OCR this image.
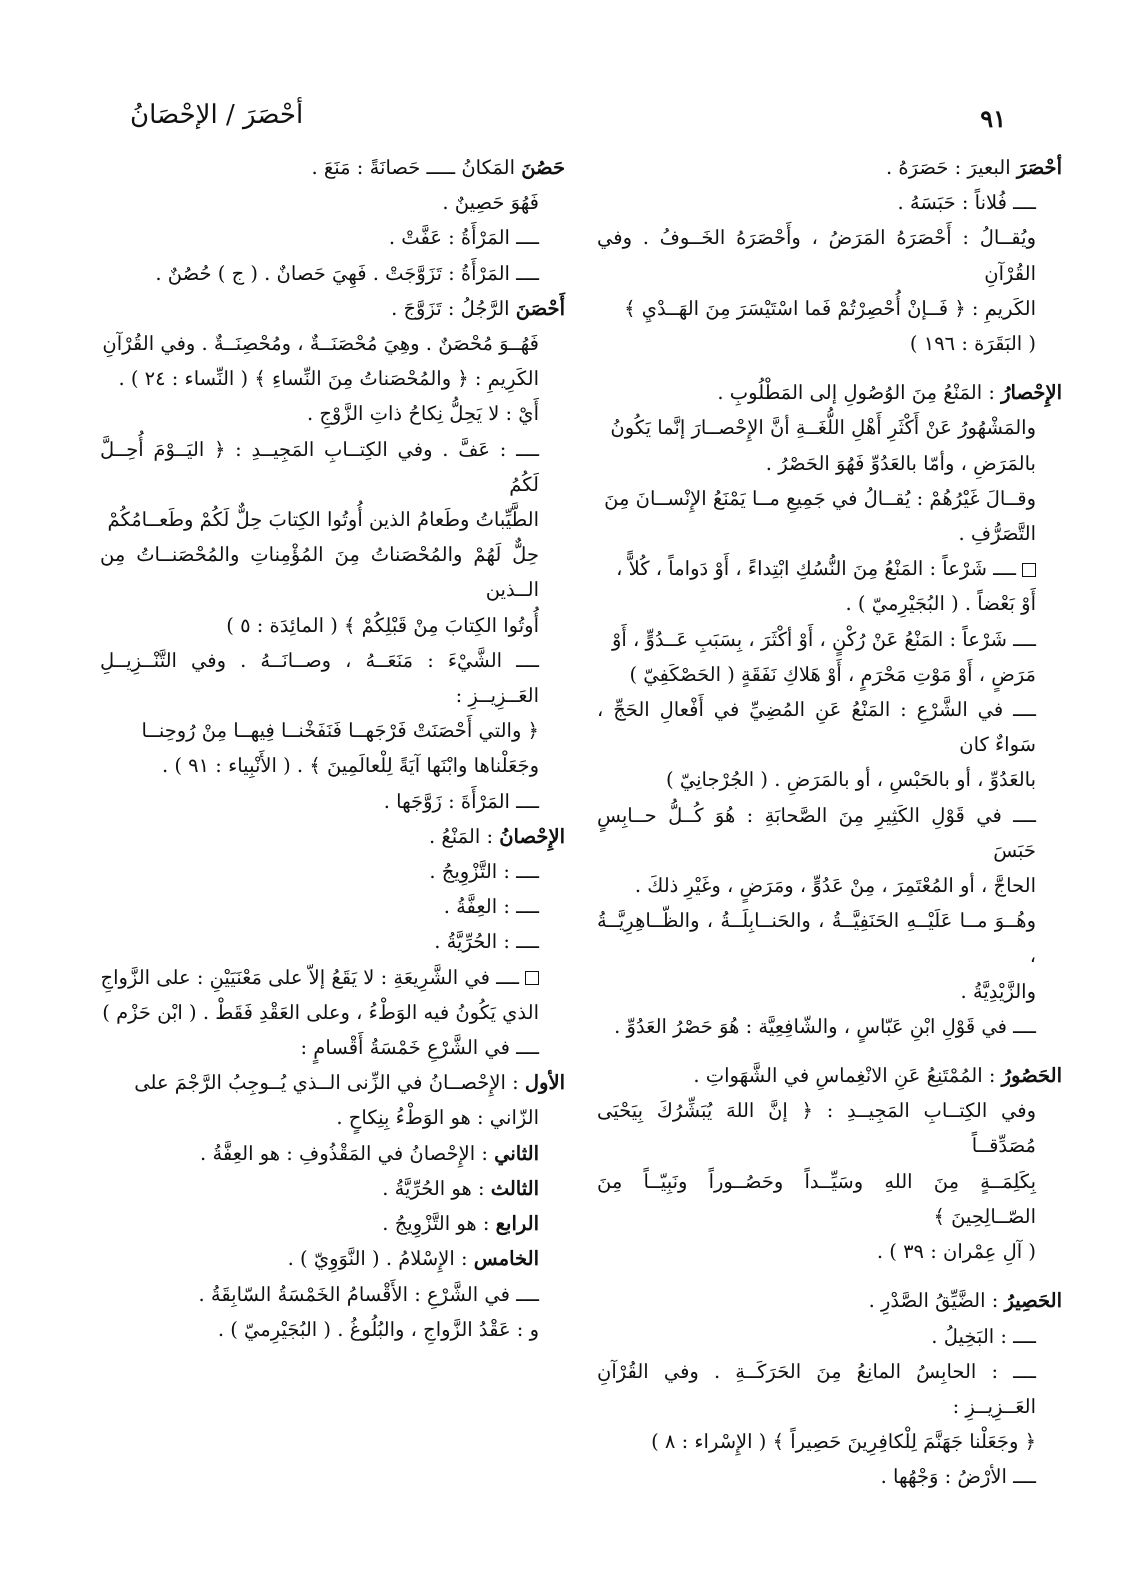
٩١
أحْصَرَ / الإحْصَانُ

أحْصَرَ البعيرَ : حَصَرَهُ .

ــــ فُلاناً : حَبَسَهُ .

ويُقــالُ : أَحْصَرَهُ المَرَضُ ، وأَحْصَرَهُ الخَــوفُ . وفي القُرْآنِ

الكَريمِ : ﴿ فَــإنْ أُحْصِرْتُمْ فَما اسْتَيْسَرَ مِنَ الهَــدْيِ ﴾

( البَقَرَة : ١٩٦ )

الإِحْصارُ : المَنْعُ مِنَ الوُصُولِ إلى المَطْلُوبِ .

والمَشْهُورُ عَنْ أَكْثَرِ أَهْلِ اللُّغَــةِ أنَّ الإِحْصــارَ إنَّما يَكُونُ

بالمَرَضِ ، وأمّا بالعَدُوِّ فَهُوَ الحَصْرُ .

وقــالَ غَيْرُهُمْ : يُقــالُ في جَمِيعِ مــا يَمْنَعُ الإِنْســانَ مِنَ

التَّصَرُّفِ .

ــــ شَرْعاً : المَنْعُ مِنَ النُّسُكِ ابْتِداءً ، أَوْ دَواماً ، كُلاًّ ،

أَوْ بَعْضاً . ( البُجَيْرِميّ ) .

ــــ شَرْعاً : المَنْعُ عَنْ رُكْنٍ ، أَوْ أكْثَرَ ، بِسَبَبِ عَــدُوٍّ ، أَوْ

مَرَضٍ ، أَوْ مَوْتِ مَحْرَمٍ ، أَوْ هَلاكِ نَفَقَةٍ ( الحَصْكَفِيّ )

ــــ في الشَّرْعِ : المَنْعُ عَنِ المُضِيِّ في أَفْعالِ الحَجِّ ، سَواءٌ كان

بالعَدُوِّ ، أو بالحَبْسِ ، أو بالمَرَضِ . ( الجُرْجانِيّ )

ــــ في قَوْلِ الكَثِيرِ مِنَ الصَّحابَةِ : هُوَ كُــلُّ حــابِسٍ حَبَسَ

الحاجَّ ، أو المُعْتَمِرَ ، مِنْ عَدُوٍّ ، ومَرَضٍ ، وغَيْرِ ذلكَ .

وهُــوَ مــا عَلَيْــهِ الحَنَفِيَّــةُ ، والحَنــابِلَــةُ ، والظّــاهِرِيَّــةُ ،

والزَّيْدِيَّةُ .

ــــ في قَوْلِ ابْنِ عَبّاسٍ ، والشّافِعِيَّة : هُوَ حَصْرُ العَدُوِّ .

الحَصُورُ : المُمْتَنِعُ عَنِ الانْغِماسِ في الشَّهَواتِ .

وفي الكِتــابِ المَجِيــدِ : ﴿ إنَّ اللهَ يُبَشِّرُكَ بِيَحْيَى مُصَدِّقــاً

بِكَلِمَــةٍ مِنَ اللهِ وسَيِّــداً وحَصُــوراً ونَبِيّــاً مِنَ الصّــالِحِينَ ﴾

( آلِ عِمْران : ٣٩ ) .

الحَصِيرُ : الضَّيِّقُ الصَّدْرِ .

ــــ : البَخِيلُ .

ــــ : الحابِسُ المانِعُ مِنَ الحَرَكَــةِ . وفي القُرْآنِ العَــزِيــزِ :

﴿ وجَعَلْنا جَهَنَّمَ لِلْكافِرِينَ حَصِيراً ﴾ ( الإِسْراء : ٨ )

ــــ الأرْضُ : وَجْهُها .

حَصُنَ المَكانُ ـــــ حَصانَةً : مَنَعَ .

فَهُوَ حَصِينٌ .

ــــ المَرْأَةُ : عَفَّتْ .

ــــ المَرْأَةُ : تَزَوَّجَتْ . فَهِيَ حَصانٌ . ( ج ) حُصُنٌ .

أَحْصَنَ الرَّجُلُ : تَزَوَّجَ .

فَهُــوَ مُحْصَنٌ . وهِيَ مُحْصَنَــةٌ ، ومُحْصِنَــةٌ . وفي القُرْآنِ

الكَرِيمِ : ﴿ والمُحْصَناتُ مِنَ النِّساءِ ﴾ ( النِّساء : ٢٤ ) .

أَيْ : لا يَحِلُّ نِكاحُ ذاتِ الزَّوْجِ .

ــــ : عَفَّ . وفي الكِتــابِ المَجِيــدِ : ﴿ اليَــوْمَ أُحِــلَّ لَكُمُ

الطَّيِّباتُ وطَعامُ الذين أُوتُوا الكِتابَ حِلٌّ لَكُمْ وطَعــامُكُمْ

حِلٌّ لَهُمْ والمُحْصَناتُ مِنَ المُؤْمِناتِ والمُحْصَنــاتُ مِن الــذين

أُوتُوا الكِتابَ مِنْ قَبْلِكُمْ ﴾ ( المائِدَة : ٥ )

ــــ الشَّيْءَ : مَنَعَــهُ ، وصــانَــهُ . وفي التَّنْــزِيــلِ العَــزِيــزِ :

﴿ والتي أَحْصَنَتْ فَرْجَهــا فَنَفَخْنــا فِيهــا مِنْ رُوحِنــا

وجَعَلْناها وابْنَها آيَةً لِلْعالَمِينَ ﴾ . ( الأَنْبِياء : ٩١ ) .

ــــ المَرْأَةَ : زَوَّجَها .

الإِحْصانُ : المَنْعُ .

ــــ : التَّزْوِيجُ .

ــــ : العِفَّةُ .

ــــ : الحُرِّيَّةُ .

ــــ في الشَّرِيعَةِ : لا يَقَعُ إلاّ على مَعْنَيَيْنِ : على الزَّواجِ

الذي يَكُونُ فيه الوَطْءُ ، وعلى العَقْدِ فَقَطْ . ( ابْن حَزْم )

ــــ في الشَّرْعِ خَمْسَةُ أَقْسامٍ :

الأول : الإِحْصــانُ في الزِّنى الــذي يُــوجِبُ الرَّجْمَ على

الزّاني : هو الوَطْءُ بِنِكاحٍ .

الثاني : الإِحْصانُ في المَقْذُوفِ : هو العِفَّةُ .

الثالث : هو الحُرِّيَّةُ .

الرابع : هو التَّزْوِيجُ .

الخامس : الإِسْلامُ . ( النَّوَوِيّ ) .

ــــ في الشَّرْعِ : الأَقْسامُ الخَمْسَةُ السّابِقَةُ .

و : عَقْدُ الزَّواجِ ، والبُلُوغُ . ( البُجَيْرِميّ ) .
